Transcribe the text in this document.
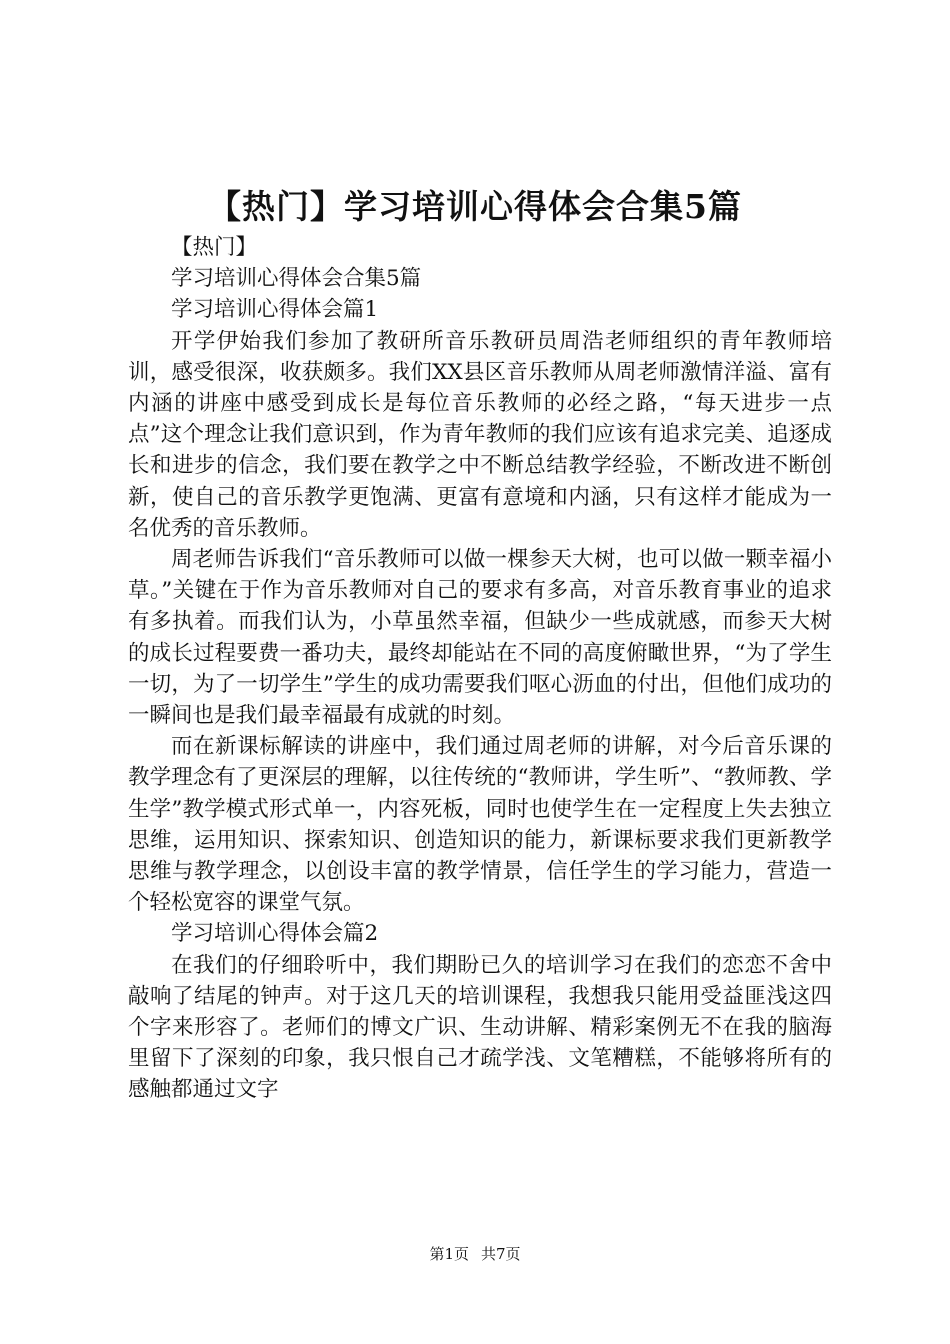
【热门】学习培训心得体会合集5篇

【热门】

学习培训心得体会合集5篇

学习培训心得体会篇1

开学伊始我们参加了教研所音乐教研员周浩老师组织的青年教师培训，感受很深，收获颇多。我们XX县区音乐教师从周老师激情洋溢、富有内涵的讲座中感受到成长是每位音乐教师的必经之路，“每天进步一点点”这个理念让我们意识到，作为青年教师的我们应该有追求完美、追逐成长和进步的信念，我们要在教学之中不断总结教学经验，不断改进不断创新，使自己的音乐教学更饱满、更富有意境和内涵，只有这样才能成为一名优秀的音乐教师。

周老师告诉我们“音乐教师可以做一棵参天大树，也可以做一颗幸福小草。”关键在于作为音乐教师对自己的要求有多高，对音乐教育事业的追求有多执着。而我们认为，小草虽然幸福，但缺少一些成就感，而参天大树的成长过程要费一番功夫，最终却能站在不同的高度俯瞰世界，“为了学生一切，为了一切学生”学生的成功需要我们呕心沥血的付出，但他们成功的一瞬间也是我们最幸福最有成就的时刻。

而在新课标解读的讲座中，我们通过周老师的讲解，对今后音乐课的教学理念有了更深层的理解，以往传统的“教师讲，学生听”、“教师教、学生学”教学模式形式单一，内容死板，同时也使学生在一定程度上失去独立思维，运用知识、探索知识、创造知识的能力，新课标要求我们更新教学思维与教学理念，以创设丰富的教学情景，信任学生的学习能力，营造一个轻松宽容的课堂气氛。

学习培训心得体会篇2

在我们的仔细聆听中，我们期盼已久的培训学习在我们的恋恋不舍中敲响了结尾的钟声。对于这几天的培训课程，我想我只能用受益匪浅这四个字来形容了。老师们的博文广识、生动讲解、精彩案例无不在我的脑海里留下了深刻的印象，我只恨自己才疏学浅、文笔糟糕，不能够将所有的感触都通过文字

第1页 共7页
